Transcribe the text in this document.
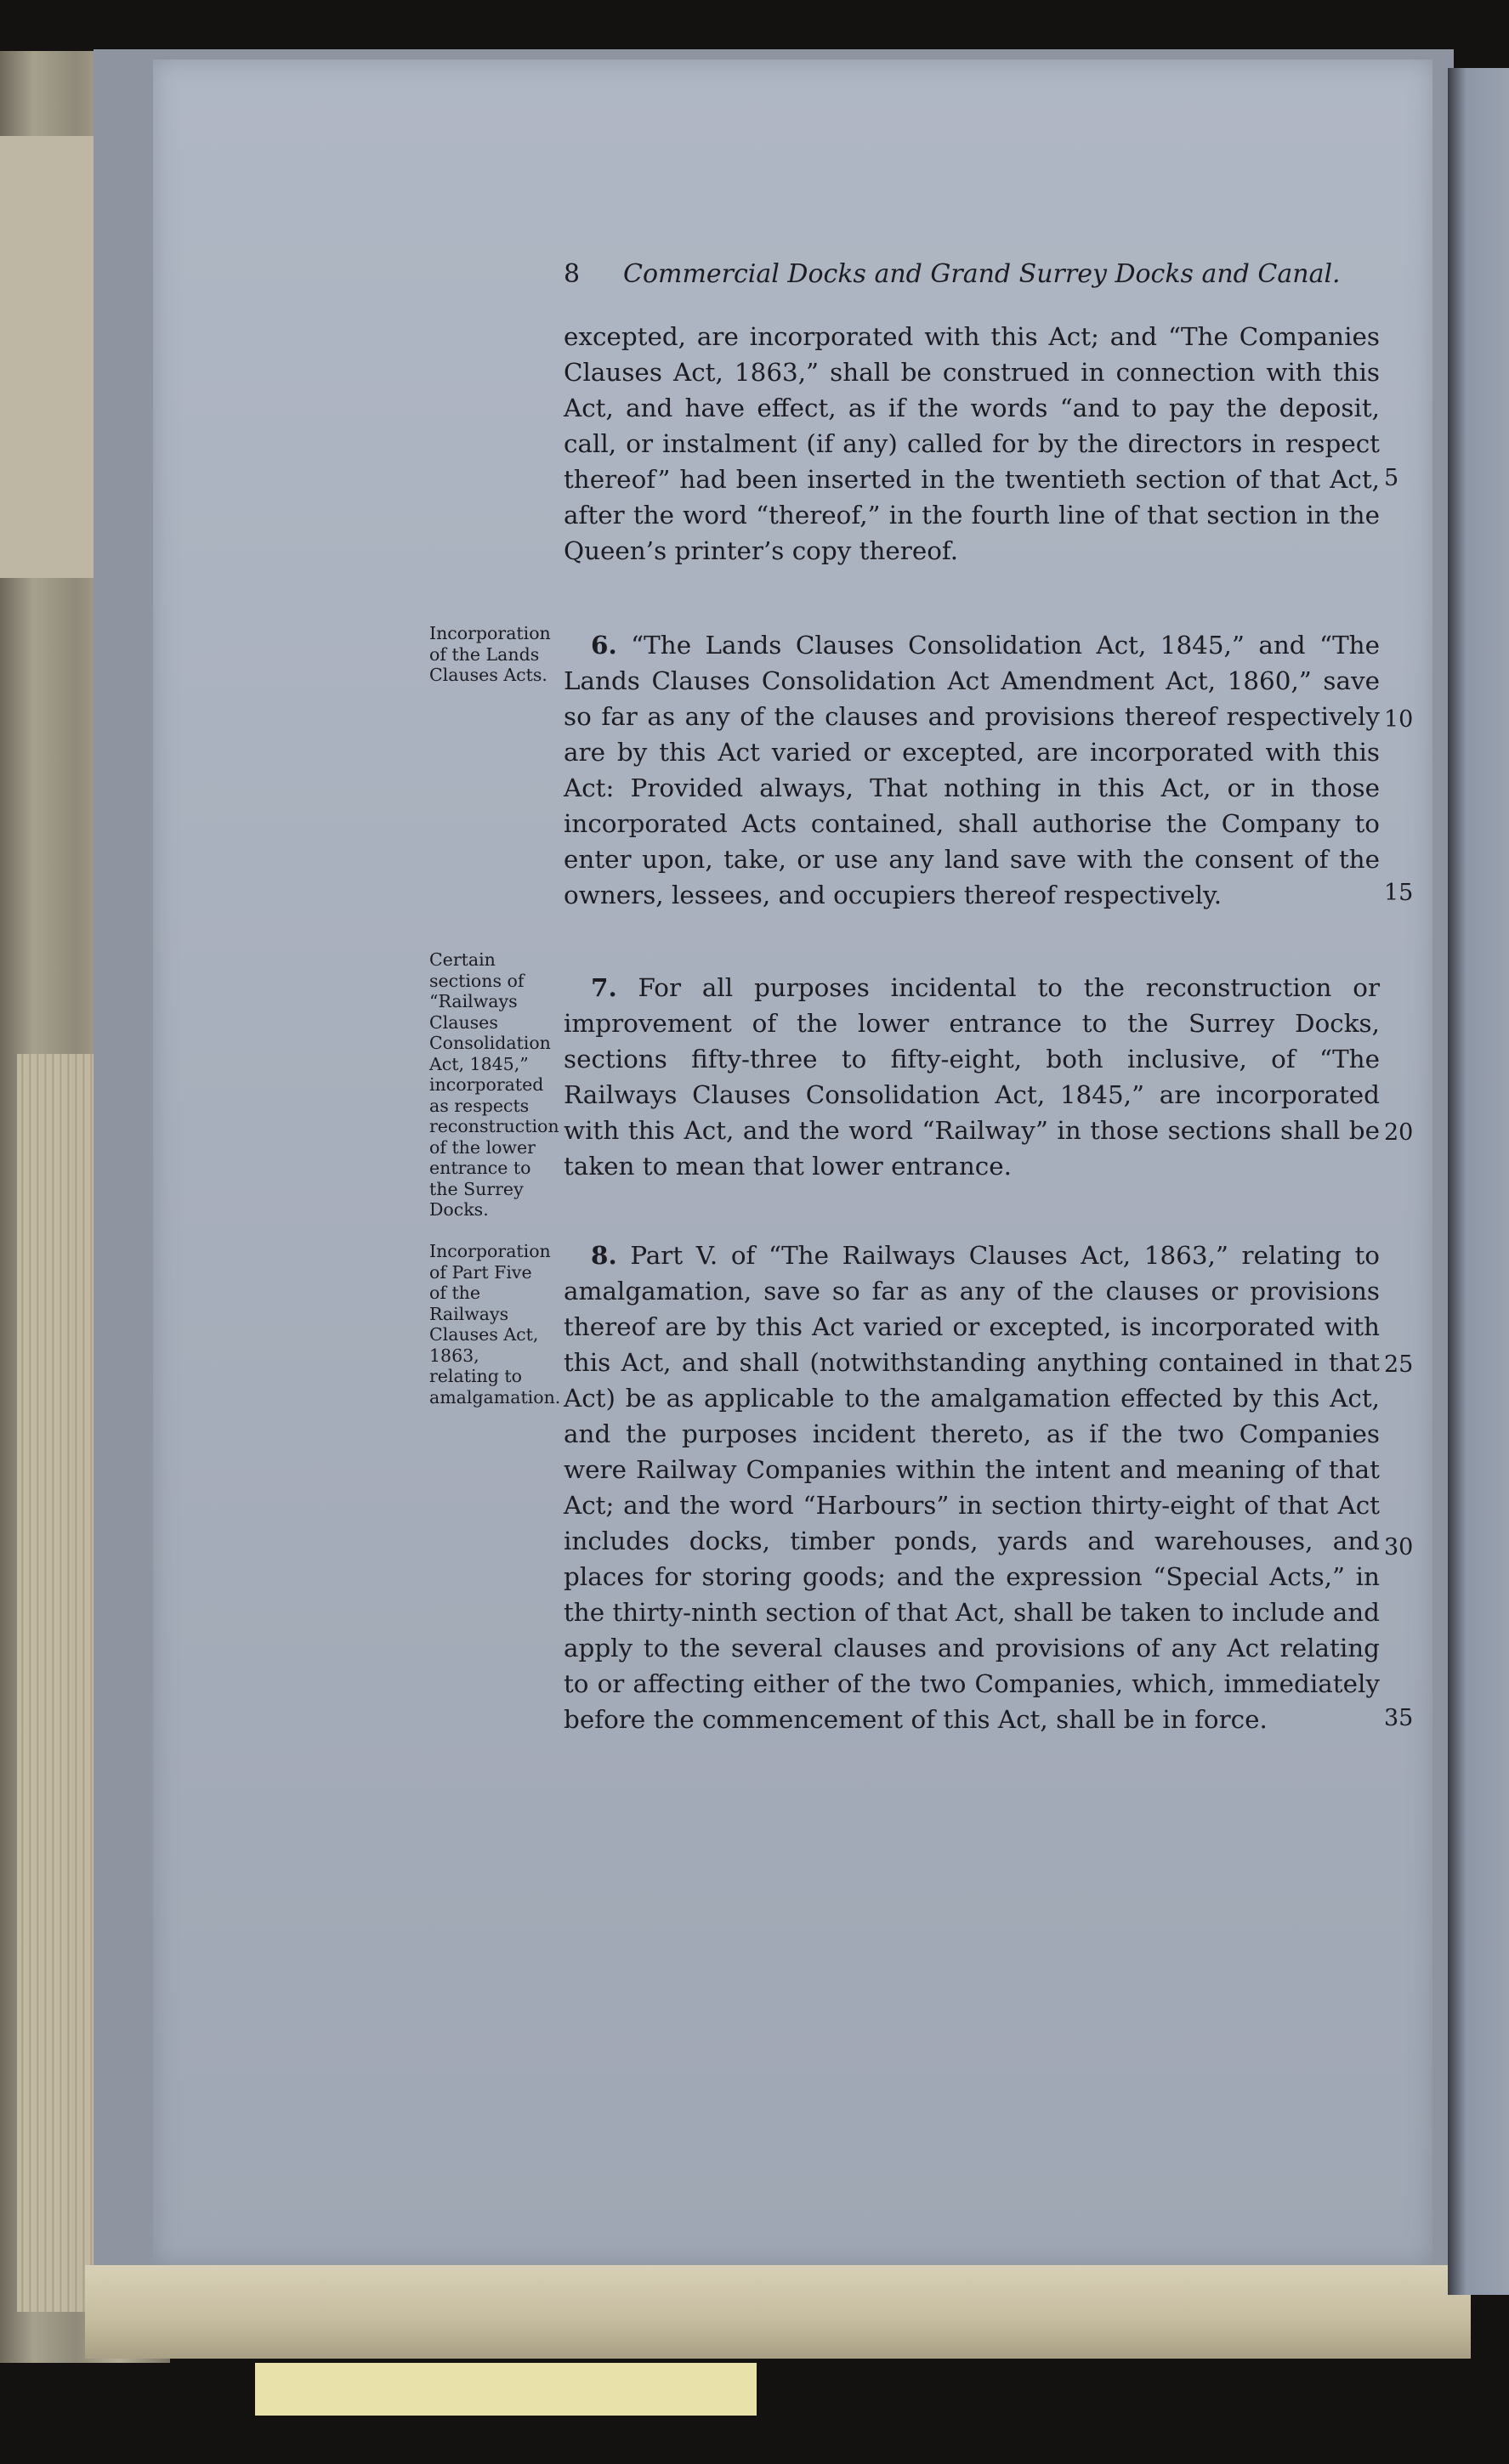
8 Commercial Docks and Grand Surrey Docks and Canal.

excepted, are incorporated with this Act; and “The Companies Clauses Act, 1863,” shall be construed in connection with this Act, and have effect, as if the words “and to pay the deposit, call, or instalment (if any) called for by the directors in respect thereof” had been inserted in the twentieth section of that Act, after the word “thereof,” in the fourth line of that section in the Queen’s printer’s copy thereof.

6. “The Lands Clauses Consolidation Act, 1845,” and “The Lands Clauses Consolidation Act Amendment Act, 1860,” save so far as any of the clauses and provisions thereof respectively are by this Act varied or excepted, are incorporated with this Act: Provided always, That nothing in this Act, or in those incorporated Acts contained, shall authorise the Company to enter upon, take, or use any land save with the consent of the owners, lessees, and occupiers thereof respectively.

7. For all purposes incidental to the reconstruction or improvement of the lower entrance to the Surrey Docks, sections fifty-three to fifty-eight, both inclusive, of “The Railways Clauses Consolidation Act, 1845,” are incorporated with this Act, and the word “Railway” in those sections shall be taken to mean that lower entrance.

8. Part V. of “The Railways Clauses Act, 1863,” relating to amalgamation, save so far as any of the clauses or provisions thereof are by this Act varied or excepted, is incorporated with this Act, and shall (notwithstanding anything contained in that Act) be as applicable to the amalgamation effected by this Act, and the purposes incident thereto, as if the two Companies were Railway Companies within the intent and meaning of that Act; and the word “Harbours” in section thirty-eight of that Act includes docks, timber ponds, yards and warehouses, and places for storing goods; and the expression “Special Acts,” in the thirty-ninth section of that Act, shall be taken to include and apply to the several clauses and provisions of any Act relating to or affecting either of the two Companies, which, immediately before the commencement of this Act, shall be in force.

Incorporation of the Lands Clauses Acts.

Certain sections of “Railways Clauses Consolidation Act, 1845,” incorporated as respects reconstruction of the lower entrance to the Surrey Docks.

Incorporation of Part Five of the Railways Clauses Act, 1863, relating to amalgamation.

5
10
15
20
25
30
35
